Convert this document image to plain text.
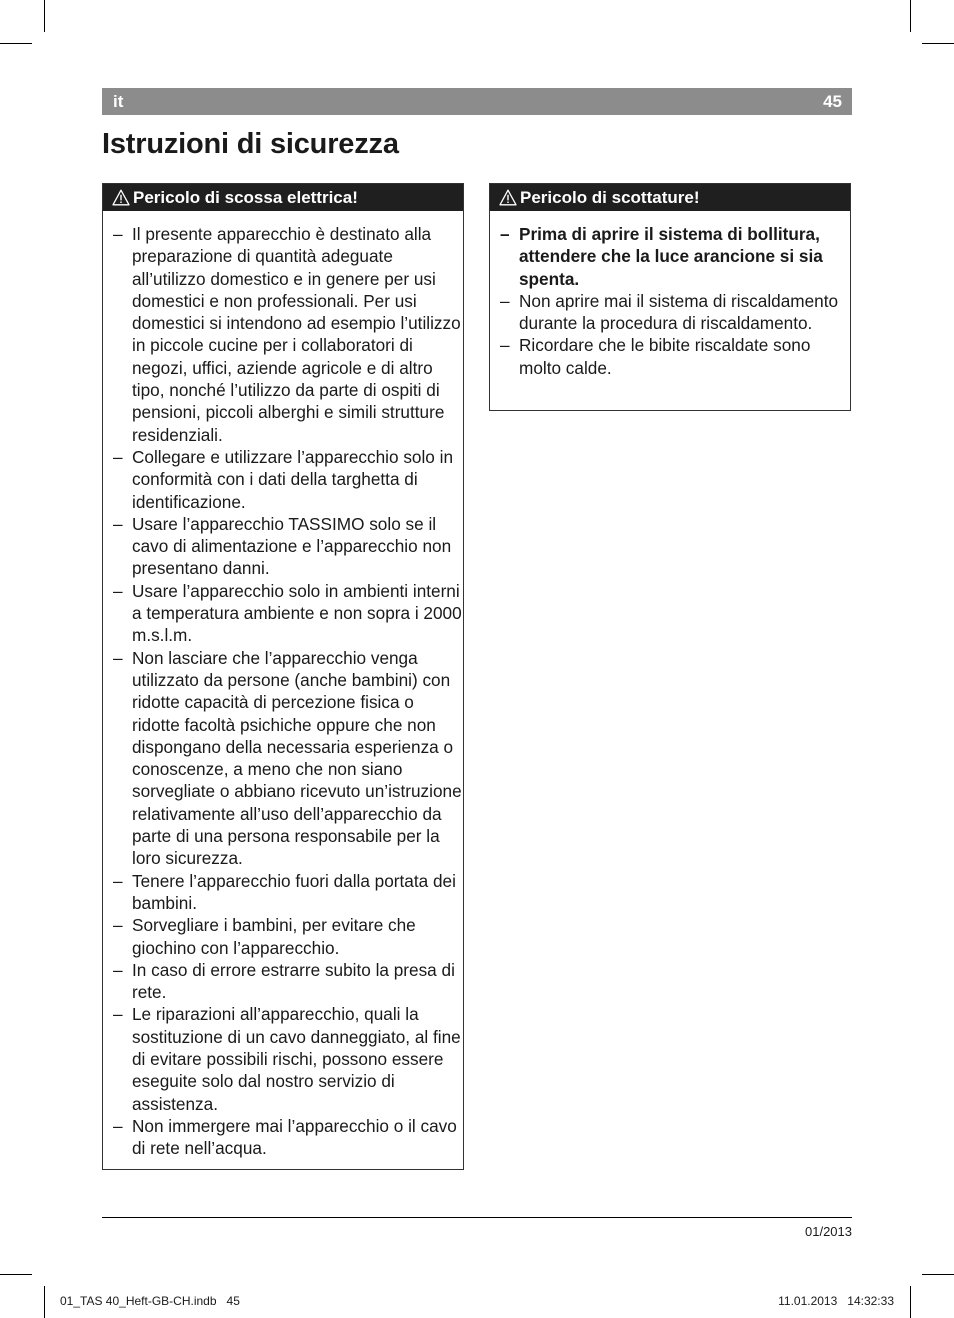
it	45
Istruzioni di sicurezza
Pericolo di scossa elettrica!
– Il presente apparecchio è destinato alla preparazione di quantità adeguate all’utilizzo domestico e in genere per usi domestici e non professionali. Per usi domestici si intendono ad esempio l’utilizzo in piccole cucine per i collaboratori di negozi, uffici, aziende agricole e di altro tipo, nonché l’utilizzo da parte di ospiti di pensioni, piccoli alberghi e simili strutture residenziali.
– Collegare e utilizzare l’apparecchio solo in conformità con i dati della targhetta di identificazione.
– Usare l’apparecchio TASSIMO solo se il cavo di alimentazione e l’apparecchio non presentano danni.
– Usare l’apparecchio solo in ambienti interni a temperatura ambiente e non sopra i 2000 m.s.l.m.
– Non lasciare che l’apparecchio venga utilizzato da persone (anche bambini) con ridotte capacità di percezione fisica o ridotte facoltà psichiche oppure che non dispongano della necessaria esperienza o conoscenze, a meno che non siano sorvegliate o abbiano ricevuto un’istruzione relativamente all’uso dell’apparecchio da parte di una persona responsabile per la loro sicurezza.
– Tenere l’apparecchio fuori dalla portata dei bambini.
– Sorvegliare i bambini, per evitare che giochino con l’apparecchio.
– In caso di errore estrarre subito la presa di rete.
– Le riparazioni all’apparecchio, quali la sostituzione di un cavo danneggiato, al fine di evitare possibili rischi, possono essere eseguite solo dal nostro servizio di assistenza.
– Non immergere mai l’apparecchio o il cavo di rete nell’acqua.
Pericolo di scottature!
– Prima di aprire il sistema di bollitura, attendere che la luce arancione si sia spenta.
– Non aprire mai il sistema di riscaldamento durante la procedura di riscaldamento.
– Ricordare che le bibite riscaldate sono molto calde.
01/2013
01_TAS 40_Heft-GB-CH.indb   45	11.01.2013   14:32:33
